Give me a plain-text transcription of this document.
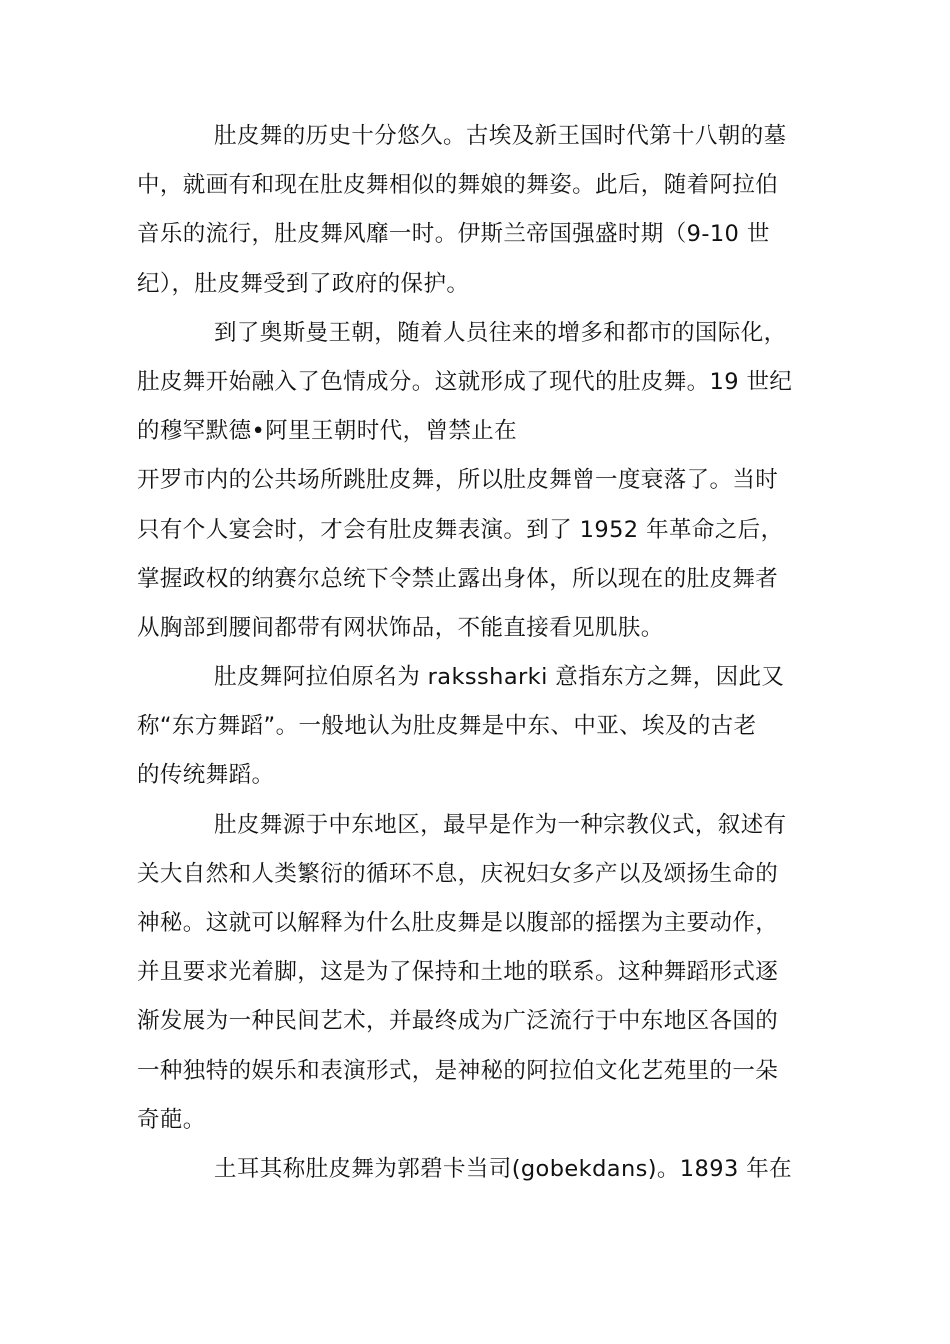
肚皮舞的历史十分悠久。古埃及新王国时代第十八朝的墓
中，就画有和现在肚皮舞相似的舞娘的舞姿。此后，随着阿拉伯
音乐的流行，肚皮舞风靡一时。伊斯兰帝国强盛时期（9-10 世
纪），肚皮舞受到了政府的保护。
到了奥斯曼王朝，随着人员往来的增多和都市的国际化，
肚皮舞开始融入了色情成分。这就形成了现代的肚皮舞。19 世纪
的穆罕默德•阿里王朝时代，曾禁止在
开罗市内的公共场所跳肚皮舞，所以肚皮舞曾一度衰落了。当时
只有个人宴会时，才会有肚皮舞表演。到了 1952 年革命之后，
掌握政权的纳赛尔总统下令禁止露出身体，所以现在的肚皮舞者
从胸部到腰间都带有网状饰品，不能直接看见肌肤。
肚皮舞阿拉伯原名为 rakssharki 意指东方之舞，因此又
称“东方舞蹈”。一般地认为肚皮舞是中东、中亚、埃及的古老
的传统舞蹈。
肚皮舞源于中东地区，最早是作为一种宗教仪式，叙述有
关大自然和人类繁衍的循环不息，庆祝妇女多产以及颂扬生命的
神秘。这就可以解释为什么肚皮舞是以腹部的摇摆为主要动作，
并且要求光着脚，这是为了保持和土地的联系。这种舞蹈形式逐
渐发展为一种民间艺术，并最终成为广泛流行于中东地区各国的
一种独特的娱乐和表演形式，是神秘的阿拉伯文化艺苑里的一朵
奇葩。
土耳其称肚皮舞为郭碧卡当司(gobekdans)。1893 年在
